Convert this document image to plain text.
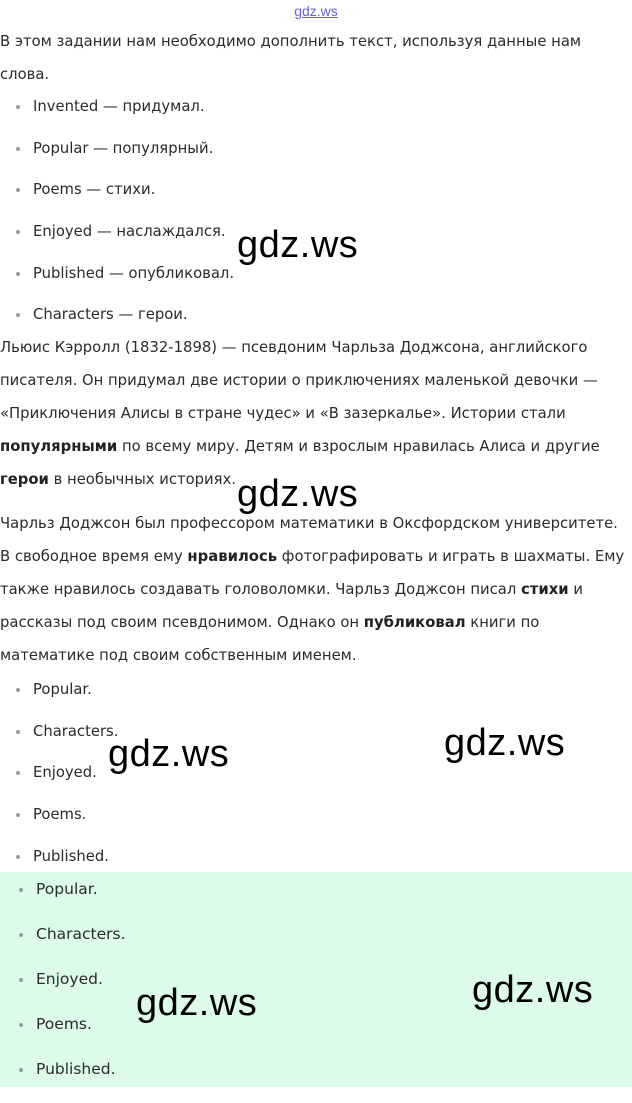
gdz.ws

В этом задании нам необходимо дополнить текст, используя данные нам слова.

Invented — придумал.
Popular — популярный.
Poems — стихи.
Enjoyed — наслаждался.
Published — опубликовал.
Characters — герои.

Льюис Кэрролл (1832-1898) — псевдоним Чарльза Доджсона, английского писателя. Он придумал две истории о приключениях маленькой девочки — «Приключения Алисы в стране чудес» и «В зазеркалье». Истории стали популярными по всему миру. Детям и взрослым нравилась Алиса и другие герои в необычных историях.

Чарльз Доджсон был профессором математики в Оксфордском университете. В свободное время ему нравилось фотографировать и играть в шахматы. Ему также нравилось создавать головоломки. Чарльз Доджсон писал стихи и рассказы под своим псевдонимом. Однако он публиковал книги по математике под своим собственным именем.

Popular.
Characters.
Enjoyed.
Poems.
Published.
Popular.
Characters.
Enjoyed.
Poems.
Published.
gdz.ws
gdz.ws
gdz.ws	gdz.ws
gdz.ws	gdz.ws
